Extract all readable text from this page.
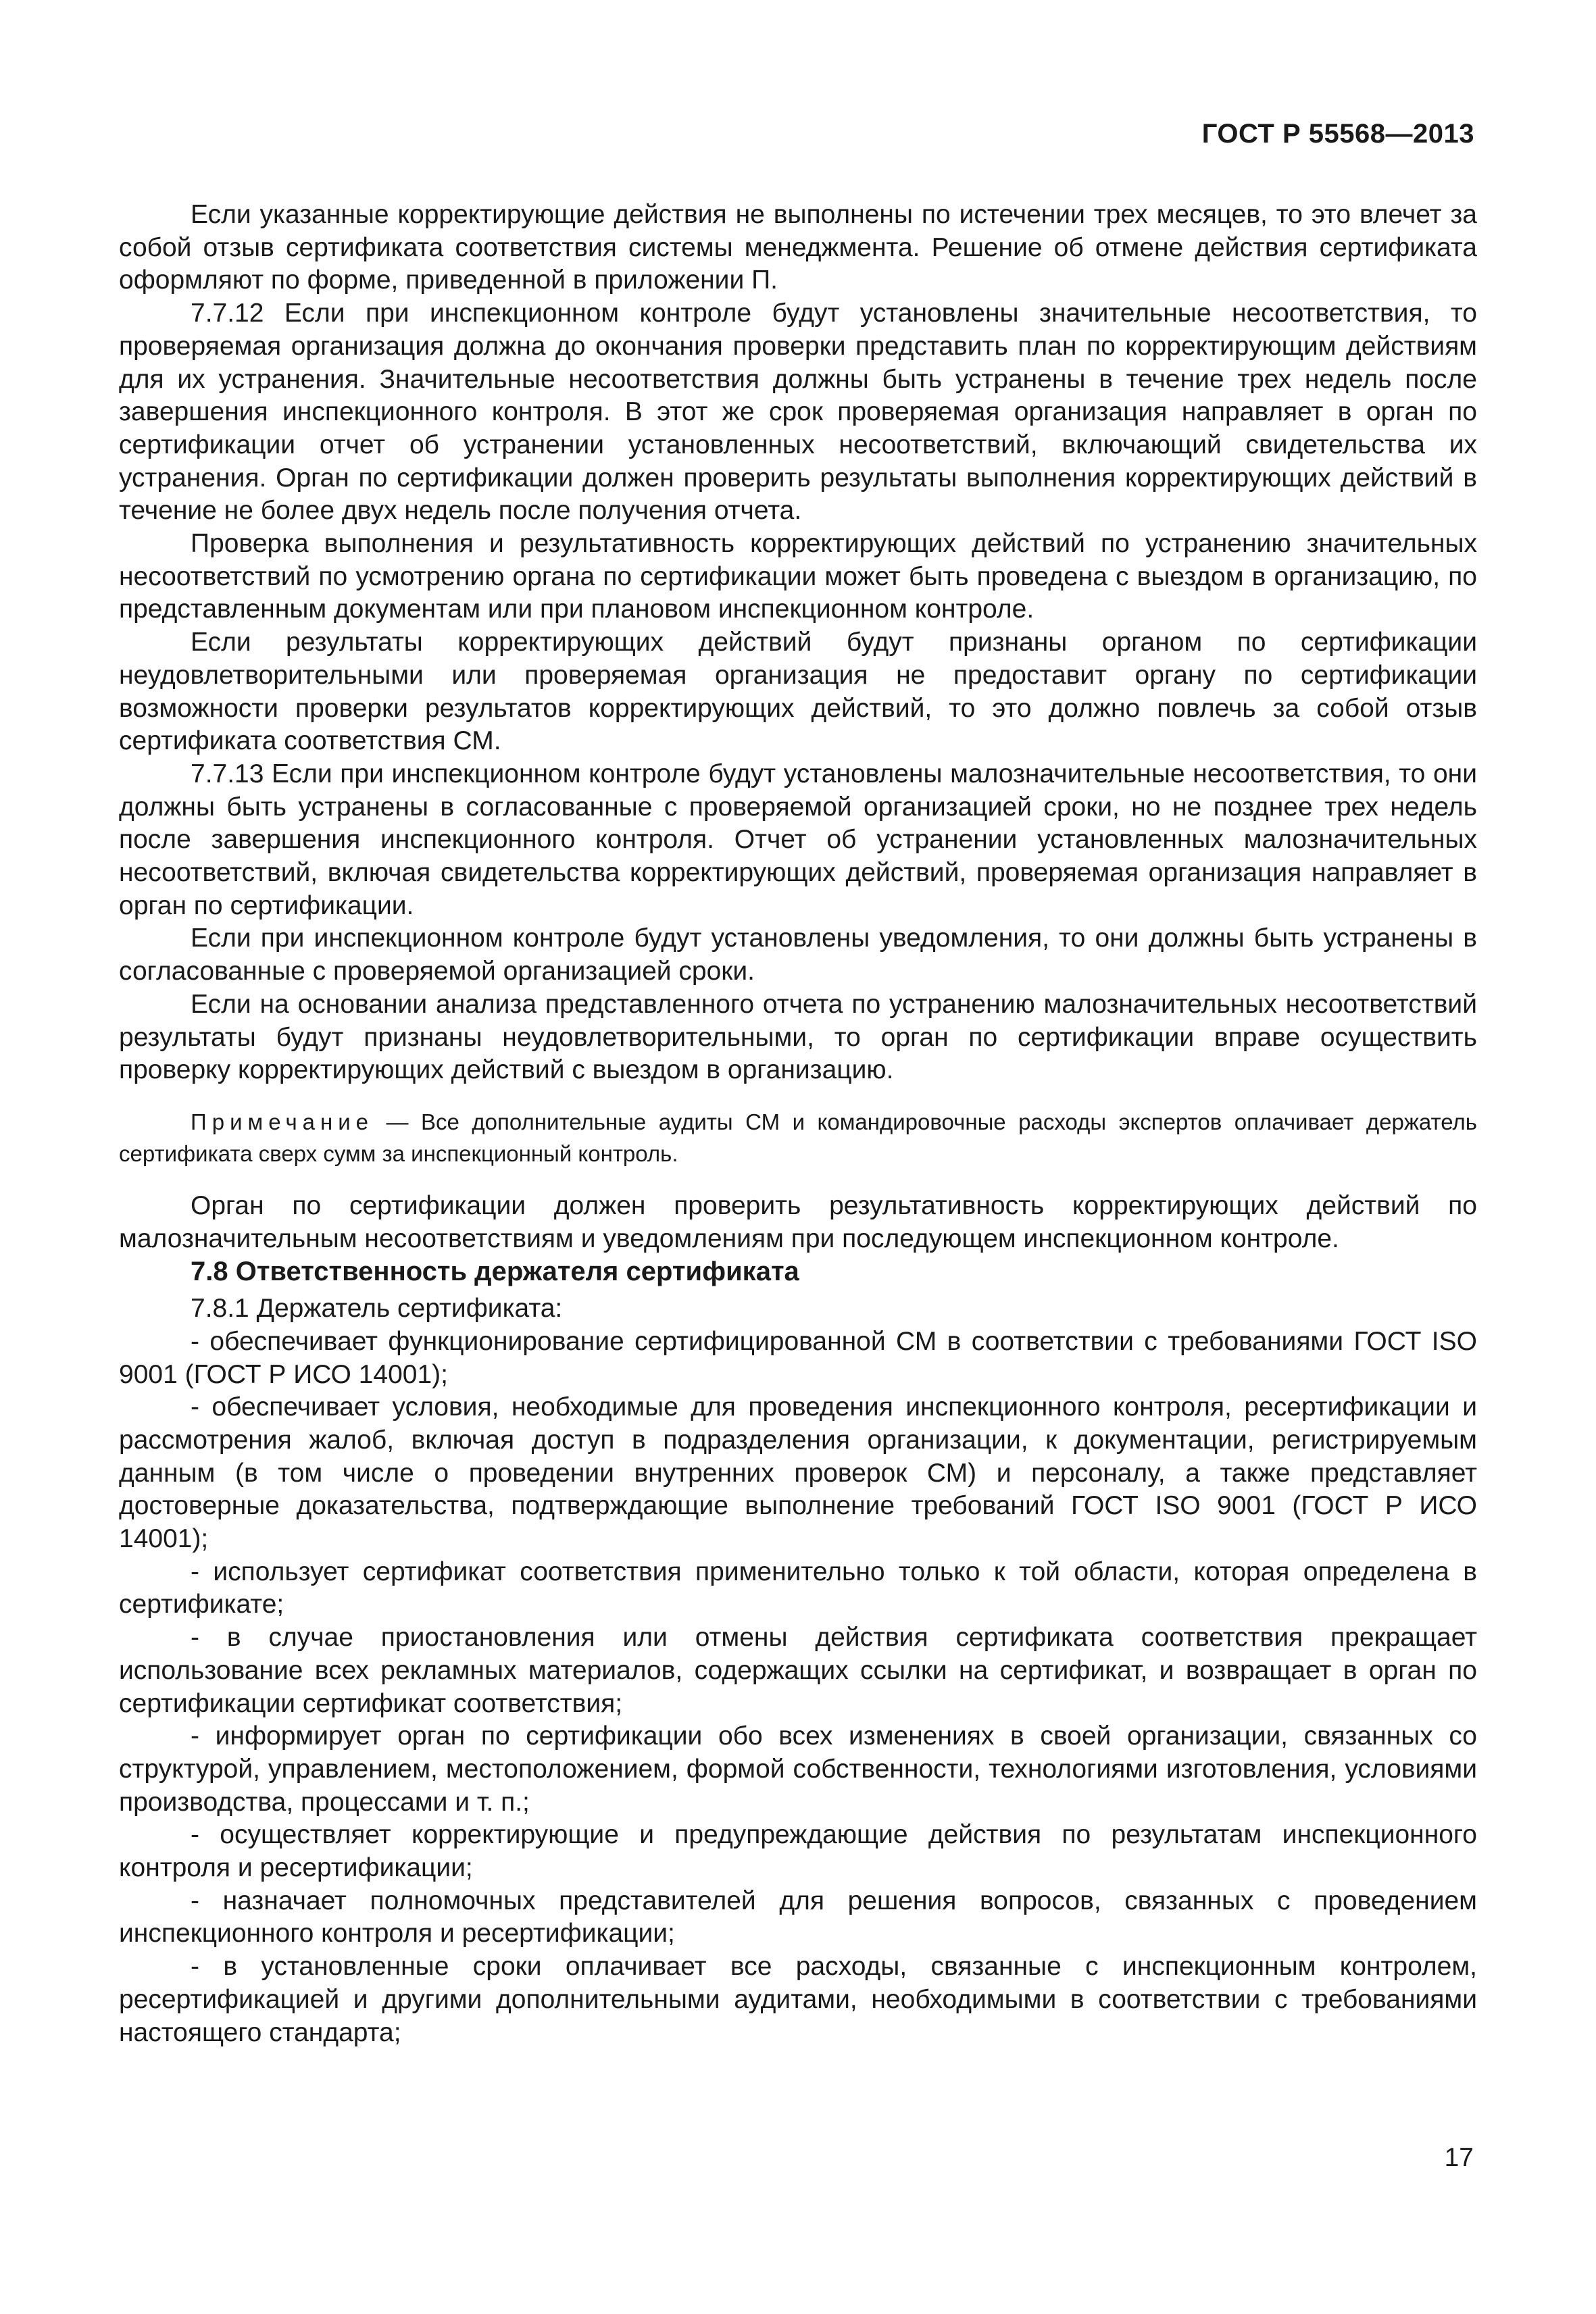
ГОСТ Р 55568—2013

Если указанные корректирующие действия не выполнены по истечении трех месяцев, то это влечет за собой отзыв сертификата соответствия системы менеджмента. Решение об отмене действия сертификата оформляют по форме, приведенной в приложении П.

7.7.12 Если при инспекционном контроле будут установлены значительные несоответствия, то проверяемая организация должна до окончания проверки представить план по корректирующим действиям для их устранения. Значительные несоответствия должны быть устранены в течение трех недель после завершения инспекционного контроля. В этот же срок проверяемая организация направляет в орган по сертификации отчет об устранении установленных несоответствий, включающий свидетельства их устранения. Орган по сертификации должен проверить результаты выполнения корректирующих действий в течение не более двух недель после получения отчета.

Проверка выполнения и результативность корректирующих действий по устранению значительных несоответствий по усмотрению органа по сертификации может быть проведена с выездом в организацию, по представленным документам или при плановом инспекционном контроле.

Если результаты корректирующих действий будут признаны органом по сертификации неудовлетворительными или проверяемая организация не предоставит органу по сертификации возможности проверки результатов корректирующих действий, то это должно повлечь за собой отзыв сертификата соответствия СМ.

7.7.13 Если при инспекционном контроле будут установлены малозначительные несоответствия, то они должны быть устранены в согласованные с проверяемой организацией сроки, но не позднее трех недель после завершения инспекционного контроля. Отчет об устранении установленных малозначительных несоответствий, включая свидетельства корректирующих действий, проверяемая организация направляет в орган по сертификации.

Если при инспекционном контроле будут установлены уведомления, то они должны быть устранены в согласованные с проверяемой организацией сроки.

Если на основании анализа представленного отчета по устранению малозначительных несоответствий результаты будут признаны неудовлетворительными, то орган по сертификации вправе осуществить проверку корректирующих действий с выездом в организацию.

Примечание — Все дополнительные аудиты СМ и командировочные расходы экспертов оплачивает держатель сертификата сверх сумм за инспекционный контроль.

Орган по сертификации должен проверить результативность корректирующих действий по малозначительным несоответствиям и уведомлениям при последующем инспекционном контроле.

7.8 Ответственность держателя сертификата

7.8.1 Держатель сертификата:

- обеспечивает функционирование сертифицированной СМ в соответствии с требованиями ГОСТ ISO 9001 (ГОСТ Р ИСО 14001);

- обеспечивает условия, необходимые для проведения инспекционного контроля, ресертификации и рассмотрения жалоб, включая доступ в подразделения организации, к документации, регистрируемым данным (в том числе о проведении внутренних проверок СМ) и персоналу, а также представляет достоверные доказательства, подтверждающие выполнение требований ГОСТ ISO 9001 (ГОСТ Р ИСО 14001);

- использует сертификат соответствия применительно только к той области, которая определена в сертификате;

- в случае приостановления или отмены действия сертификата соответствия прекращает использование всех рекламных материалов, содержащих ссылки на сертификат, и возвращает в орган по сертификации сертификат соответствия;

- информирует орган по сертификации обо всех изменениях в своей организации, связанных со структурой, управлением, местоположением, формой собственности, технологиями изготовления, условиями производства, процессами и т. п.;

- осуществляет корректирующие и предупреждающие действия по результатам инспекционного контроля и ресертификации;

- назначает полномочных представителей для решения вопросов, связанных с проведением инспекционного контроля и ресертификации;

- в установленные сроки оплачивает все расходы, связанные с инспекционным контролем, ресертификацией и другими дополнительными аудитами, необходимыми в соответствии с требованиями настоящего стандарта;

17
